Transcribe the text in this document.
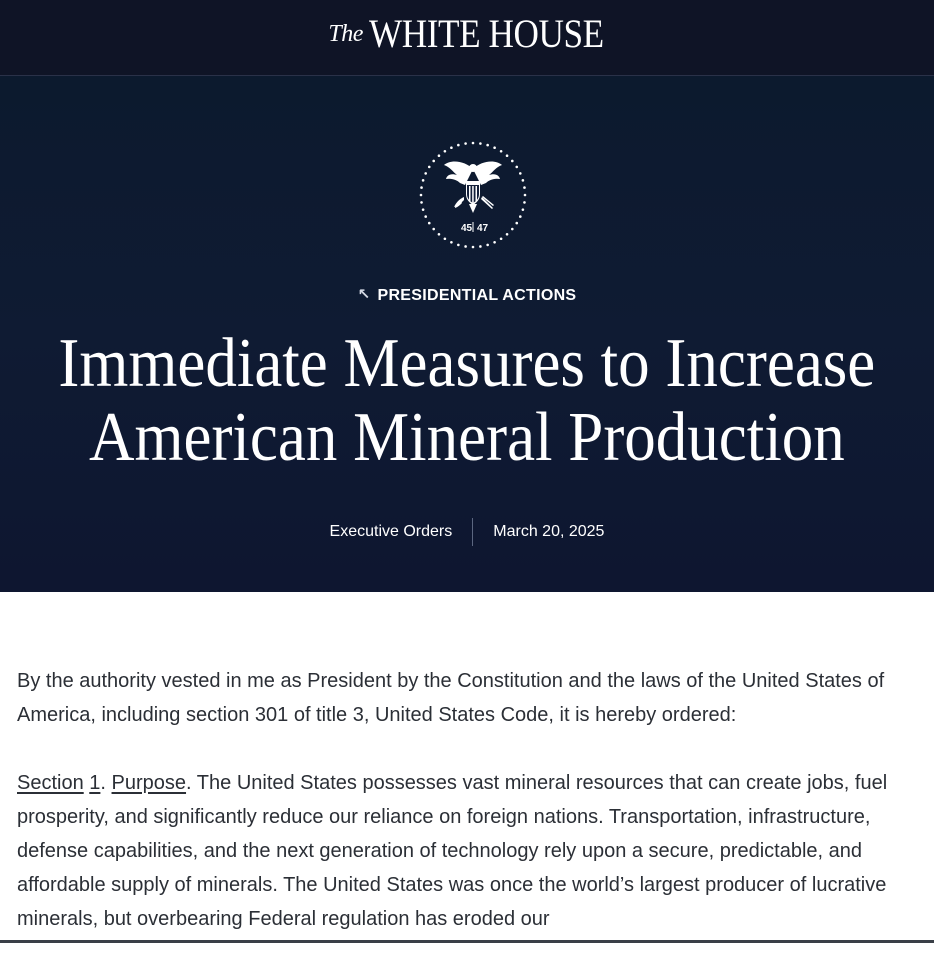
The WHITE HOUSE
45 47
↖ PRESIDENTIAL ACTIONS
Immediate Measures to Increase
American Mineral Production
Executive Orders	March 20, 2025

By the authority vested in me as President by the Constitution and the laws of the United States of America, including section 301 of title 3, United States Code, it is hereby ordered:

Section 1. Purpose. The United States possesses vast mineral resources that can create jobs, fuel prosperity, and significantly reduce our reliance on foreign nations. Transportation, infrastructure, defense capabilities, and the next generation of technology rely upon a secure, predictable, and affordable supply of minerals. The United States was once the world’s largest producer of lucrative minerals, but overbearing Federal regulation has eroded our
